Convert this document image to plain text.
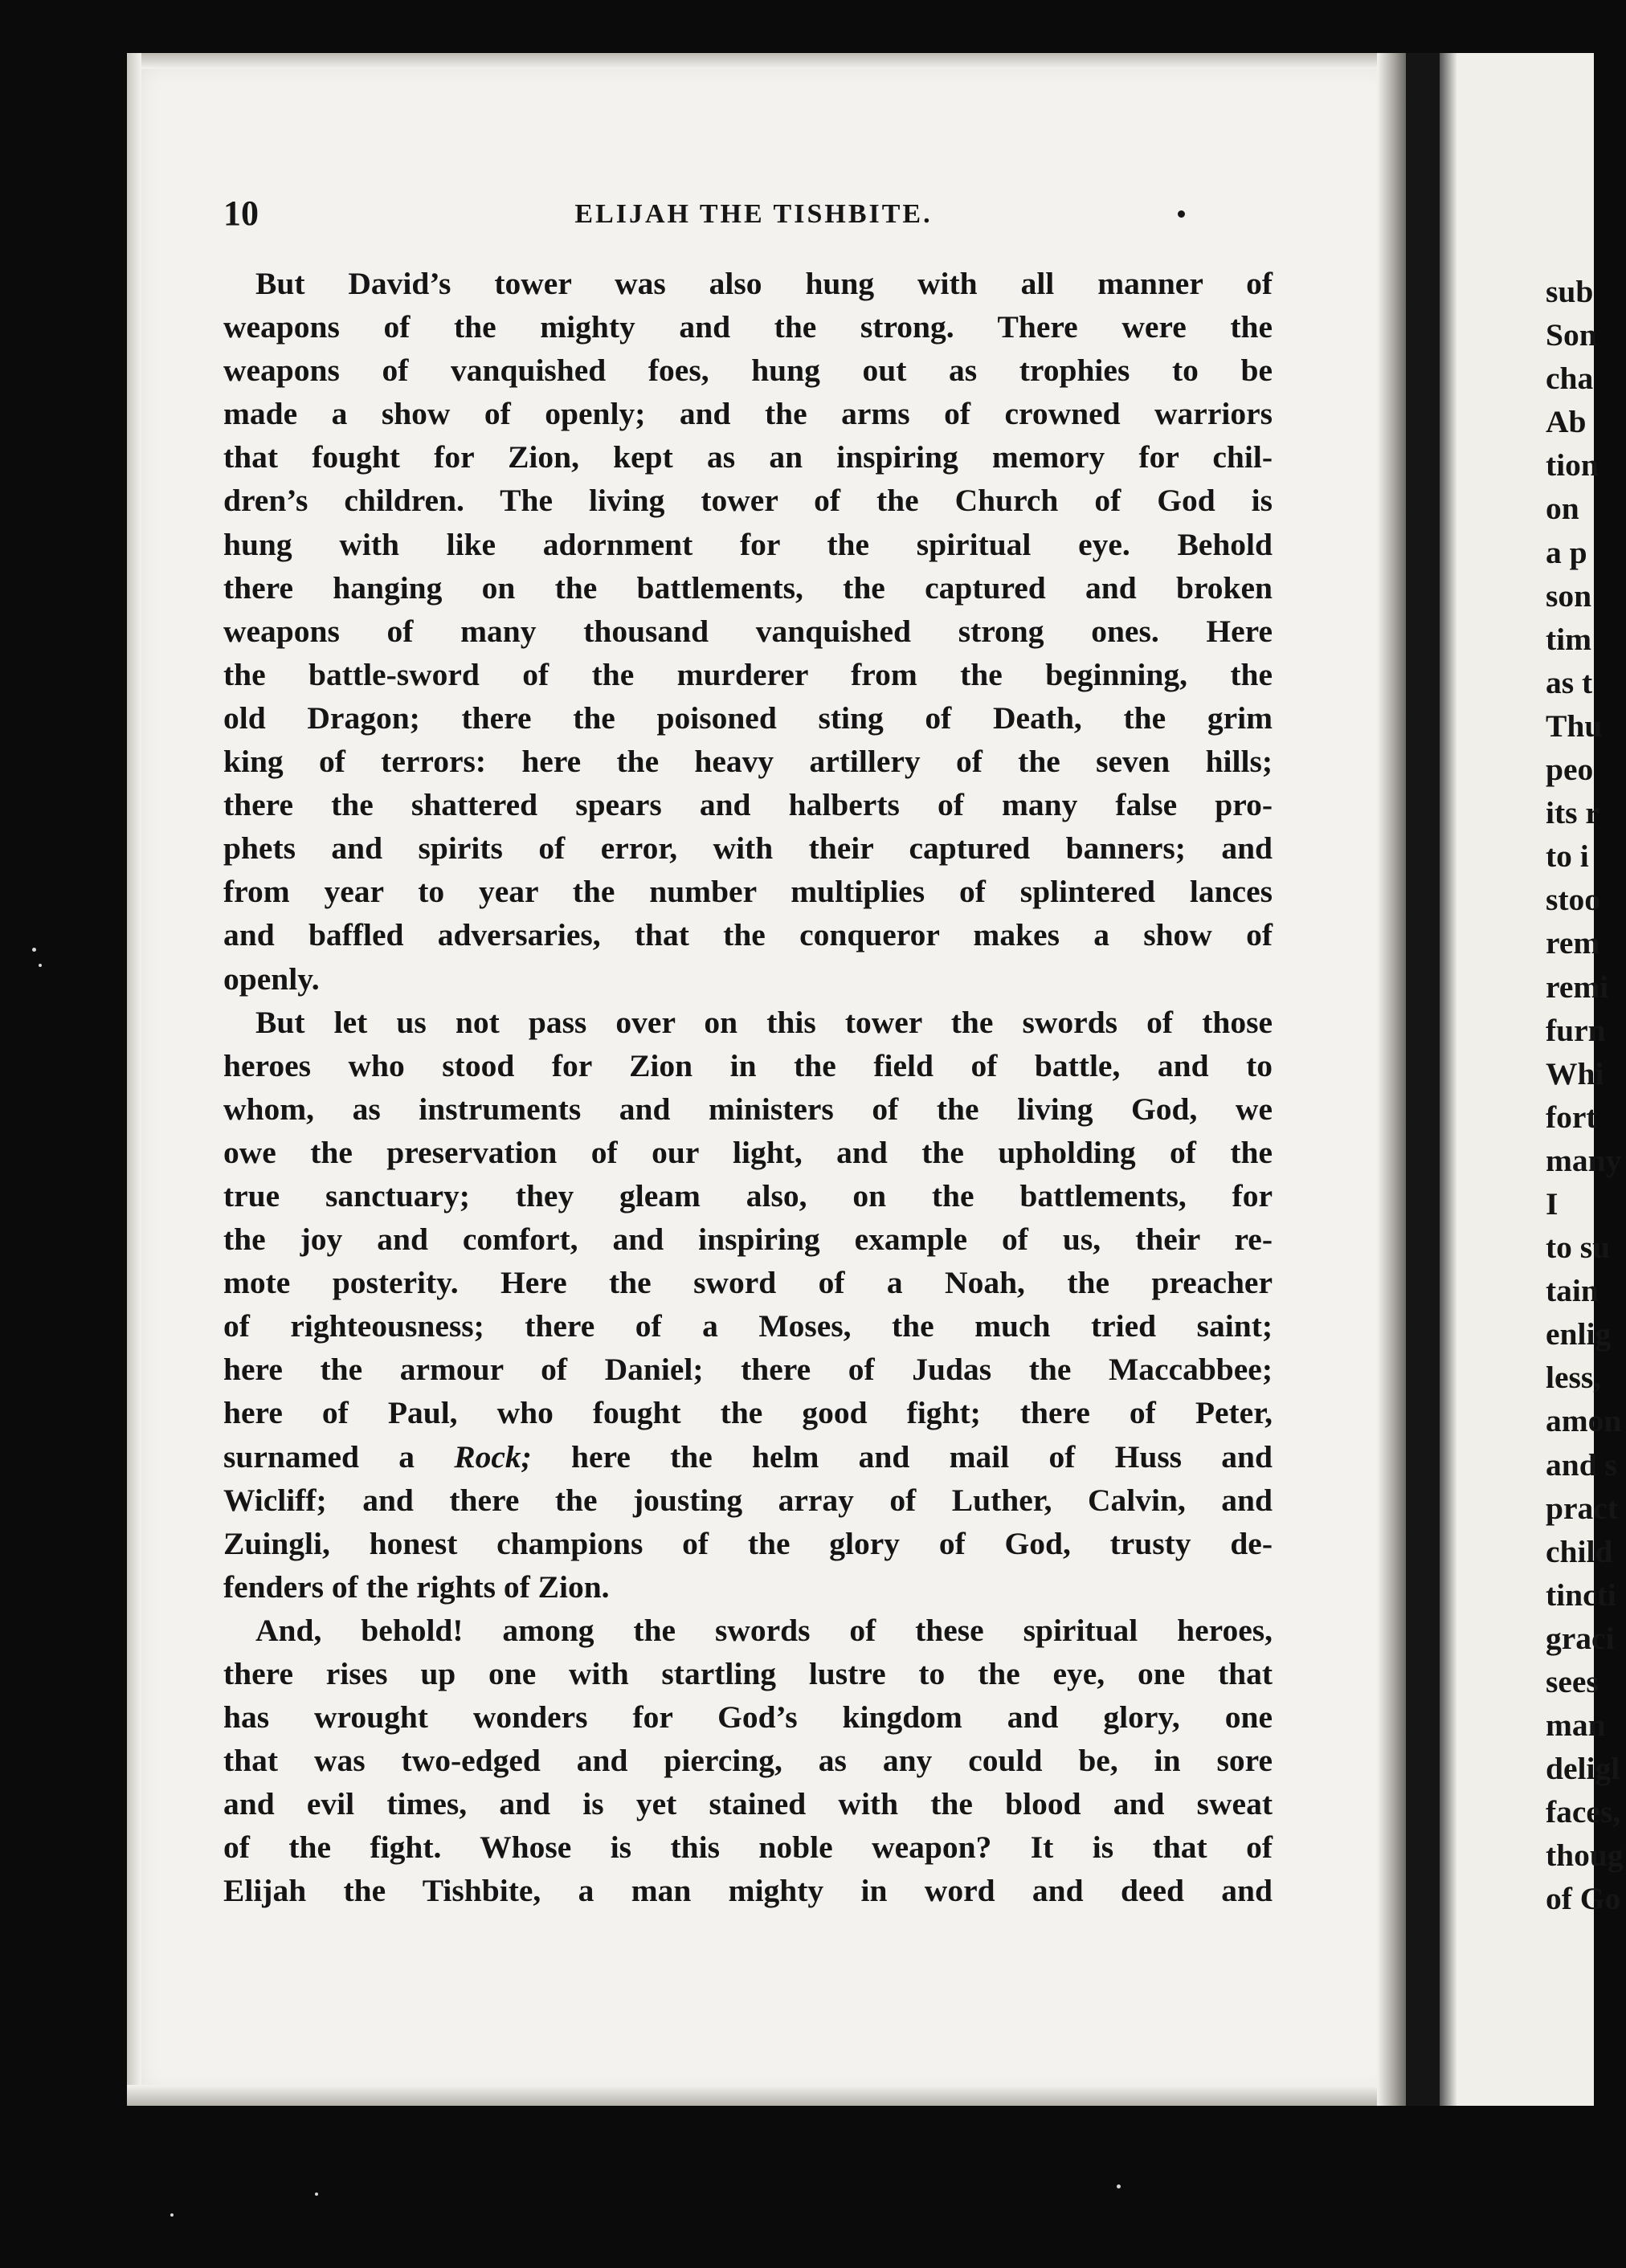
10	ELIJAH THE TISHBITE.
But David’s tower was also hung with all manner of
weapons of the mighty and the strong. There were the
weapons of vanquished foes, hung out as trophies to be
made a show of openly; and the arms of crowned warriors
that fought for Zion, kept as an inspiring memory for chil-
dren’s children. The living tower of the Church of God is
hung with like adornment for the spiritual eye. Behold
there hanging on the battlements, the captured and broken
weapons of many thousand vanquished strong ones. Here
the battle-sword of the murderer from the beginning, the
old Dragon; there the poisoned sting of Death, the grim
king of terrors: here the heavy artillery of the seven hills;
there the shattered spears and halberts of many false pro-
phets and spirits of error, with their captured banners; and
from year to year the number multiplies of splintered lances
and baffled adversaries, that the conqueror makes a show of
openly.
But let us not pass over on this tower the swords of those
heroes who stood for Zion in the field of battle, and to
whom, as instruments and ministers of the living God, we
owe the preservation of our light, and the upholding of the
true sanctuary; they gleam also, on the battlements, for
the joy and comfort, and inspiring example of us, their re-
mote posterity. Here the sword of a Noah, the preacher
of righteousness; there of a Moses, the much tried saint;
here the armour of Daniel; there of Judas the Maccabbee;
here of Paul, who fought the good fight; there of Peter,
surnamed a Rock; here the helm and mail of Huss and
Wicliff; and there the jousting array of Luther, Calvin, and
Zuingli, honest champions of the glory of God, trusty de-
fenders of the rights of Zion.
And, behold! among the swords of these spiritual heroes,
there rises up one with startling lustre to the eye, one that
has wrought wonders for God’s kingdom and glory, one
that was two-edged and piercing, as any could be, in sore
and evil times, and is yet stained with the blood and sweat
of the fight. Whose is this noble weapon? It is that of
Elijah the Tishbite, a man mighty in word and deed and
sub
Son
cha
Ab
tion
on
a p
son
tim
as t
Thu
peo
its r
to i
stoo
rem
remi
furn
Whi
fort
many
I
to su
tain
enlig
less,
amon
and s
pract
child
tincti
graci
sees
man
deligl
faces,
thoug
of Go
